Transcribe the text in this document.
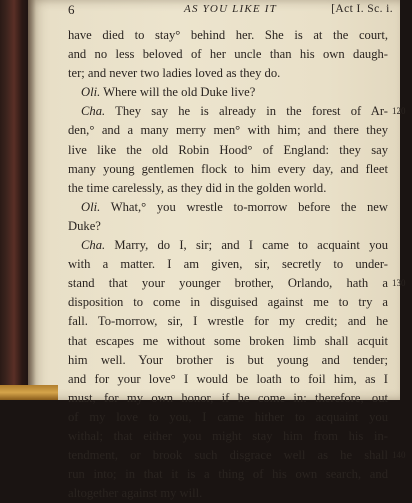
6	AS YOU LIKE IT	[Act I. Sc. i.
have died to stay° behind her. She is at the court,
and no less beloved of her uncle than his own daugh-
ter; and never two ladies loved as they do.
Oli. Where will the old Duke live?
Cha. They say he is already in the forest of Ar- 120
den,° and a many merry men° with him; and there they
live like the old Robin Hood° of England: they say
many young gentlemen flock to him every day, and fleet
the time carelessly, as they did in the golden world.
Oli. What,° you wrestle to-morrow before the new
Duke?
Cha. Marry, do I, sir; and I came to acquaint you
with a matter. I am given, sir, secretly to under-
stand that your younger brother, Orlando, hath a 130
disposition to come in disguised against me to try a
fall. To-morrow, sir, I wrestle for my credit; and he
that escapes me without some broken limb shall acquit
him well. Your brother is but young and tender;
and for your love° I would be loath to foil him, as I
must, for my own honor, if he come in: therefore, out
of my love to you, I came hither to acquaint you
withal; that either you might stay him from his in-
tendment, or brook such disgrace well as he shall 140
run into; in that it is a thing of his own search, and
altogether against my will.
